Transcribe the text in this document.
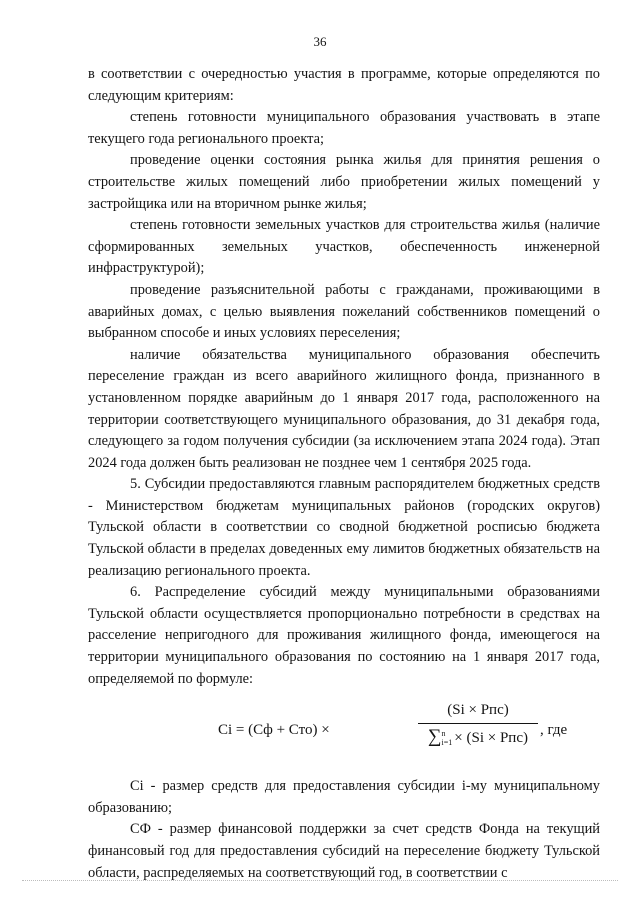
36

в соответствии с очередностью участия в программе, которые определяются по следующим критериям:

степень готовности муниципального образования участвовать в этапе текущего года регионального проекта;

проведение оценки состояния рынка жилья для принятия решения о строительстве жилых помещений либо приобретении жилых помещений у застройщика или на вторичном рынке жилья;

степень готовности земельных участков для строительства жилья (наличие сформированных земельных участков, обеспеченность инженерной инфраструктурой);

проведение разъяснительной работы с гражданами, проживающими в аварийных домах, с целью выявления пожеланий собственников помещений о выбранном способе и иных условиях переселения;

наличие обязательства муниципального образования обеспечить переселение граждан из всего аварийного жилищного фонда, признанного в установленном порядке аварийным до 1 января 2017 года, расположенного на территории соответствующего муниципального образования, до 31 декабря года, следующего за годом получения субсидии (за исключением этапа 2024 года). Этап 2024 года должен быть реализован не позднее чем 1 сентября 2025 года.

5. Субсидии предоставляются главным распорядителем бюджетных средств - Министерством бюджетам муниципальных районов (городских округов) Тульской области в соответствии со сводной бюджетной росписью бюджета Тульской области в пределах доведенных ему лимитов бюджетных обязательств на реализацию регионального проекта.

6. Распределение субсидий между муниципальными образованиями Тульской области осуществляется пропорционально потребности в средствах на расселение непригодного для проживания жилищного фонда, имеющегося на территории муниципального образования по состоянию на 1 января 2017 года, определяемой по формуле:

Ci = (Сф + Сто) ×
(Si × Рпс)
∑n
i=1 × (Si × Рпс) , где

Ci - размер средств для предоставления субсидии i-му муниципальному образованию;

СФ - размер финансовой поддержки за счет средств Фонда на текущий финансовый год для предоставления субсидий на переселение бюджету Тульской области, распределяемых на соответствующий год, в соответствии с
